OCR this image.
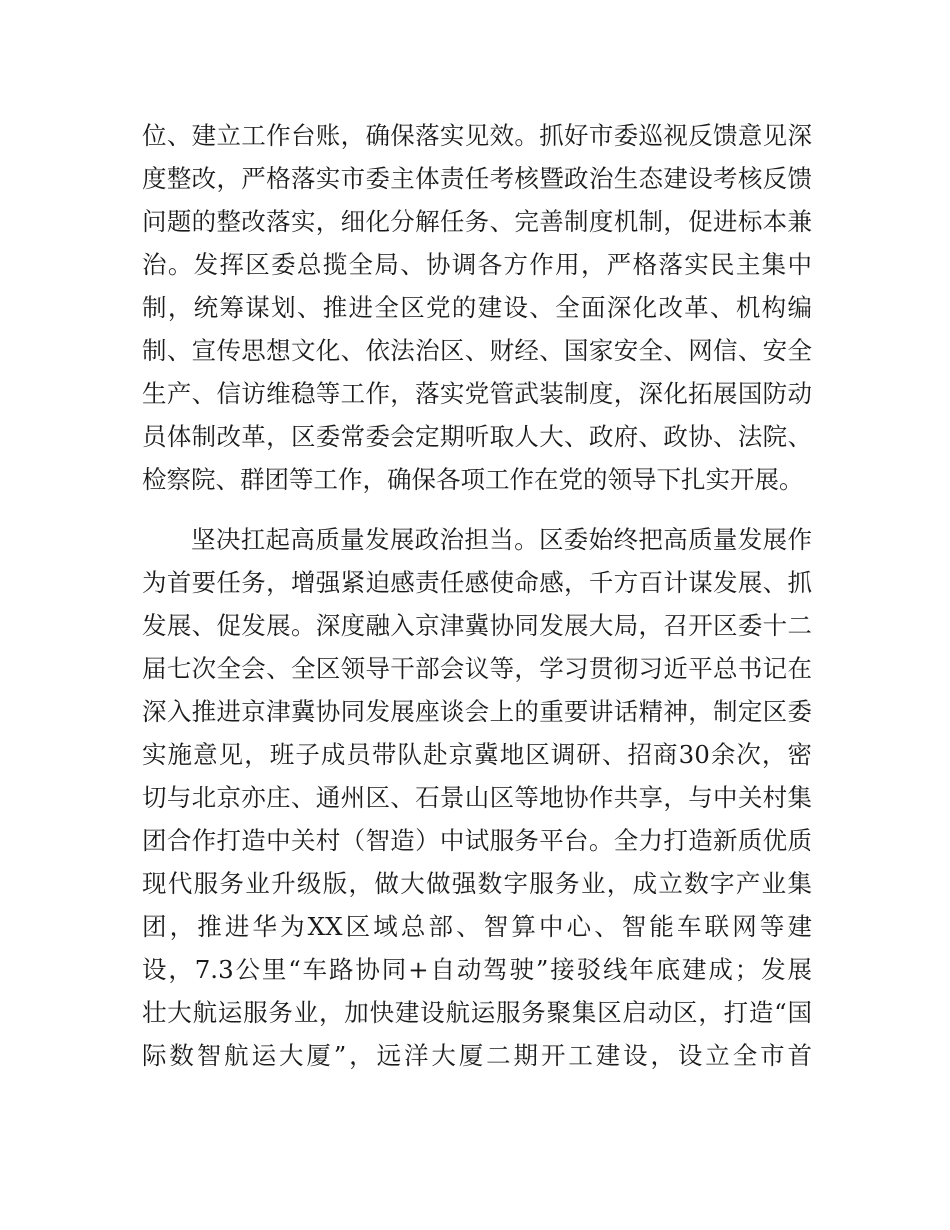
位、建立工作台账，确保落实见效。抓好市委巡视反馈意见深
度整改，严格落实市委主体责任考核暨政治生态建设考核反馈
问题的整改落实，细化分解任务、完善制度机制，促进标本兼
治。发挥区委总揽全局、协调各方作用，严格落实民主集中
制，统筹谋划、推进全区党的建设、全面深化改革、机构编
制、宣传思想文化、依法治区、财经、国家安全、网信、安全
生产、信访维稳等工作，落实党管武装制度，深化拓展国防动
员体制改革，区委常委会定期听取人大、政府、政协、法院、
检察院、群团等工作，确保各项工作在党的领导下扎实开展。
坚决扛起高质量发展政治担当。区委始终把高质量发展作
为首要任务，增强紧迫感责任感使命感，千方百计谋发展、抓
发展、促发展。深度融入京津冀协同发展大局，召开区委十二
届七次全会、全区领导干部会议等，学习贯彻习近平总书记在
深入推进京津冀协同发展座谈会上的重要讲话精神，制定区委
实施意见，班子成员带队赴京冀地区调研、招商30余次，密
切与北京亦庄、通州区、石景山区等地协作共享，与中关村集
团合作打造中关村（智造）中试服务平台。全力打造新质优质
现代服务业升级版，做大做强数字服务业，成立数字产业集
团，推进华为XX区域总部、智算中心、智能车联网等建
设，7.3公里“车路协同+自动驾驶”接驳线年底建成；发展
壮大航运服务业，加快建设航运服务聚集区启动区，打造“国
际数智航运大厦”，远洋大厦二期开工建设，设立全市首
